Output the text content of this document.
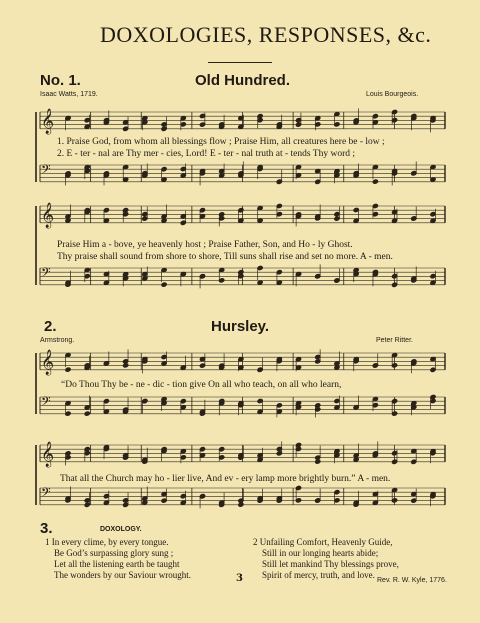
DOXOLOGIES, RESPONSES, &c.
No. 1.	Old Hundred.
Isaac Watts, 1719.	Louis Bourgeois.
𝄞
𝄢
𝄞
𝄢
𝄞
𝄢
𝄞
𝄢
1. Praise God, from whom all blessings flow ; Praise Him, all creatures here be - low ;
2. E - ter - nal are Thy mer - cies, Lord! E - ter - nal truth at - tends Thy word ;
Praise Him a - bove, ye heavenly host ; Praise Father, Son, and Ho - ly Ghost.
Thy praise shall sound from shore to shore, Till suns shall rise and set no more. A - men.
2.	Hursley.
Armstrong.	Peter Ritter.
“Do Thou Thy be - ne - dic - tion give On all who teach, on all who learn,
That all the Church may ho - lier live, And ev - ery lamp more brightly burn.” A - men.
3.	DOXOLOGY.
1 In every clime, by every tongue.
Be God’s surpassing glory sung ;
Let all the listening earth be taught
The wonders by our Saviour wrought.
2 Unfailing Comfort, Heavenly Guide,
Still in our longing hearts abide;
Still let mankind Thy blessings prove,
Spirit of mercy, truth, and love.
Rev. R. W. Kyle, 1776.
3
